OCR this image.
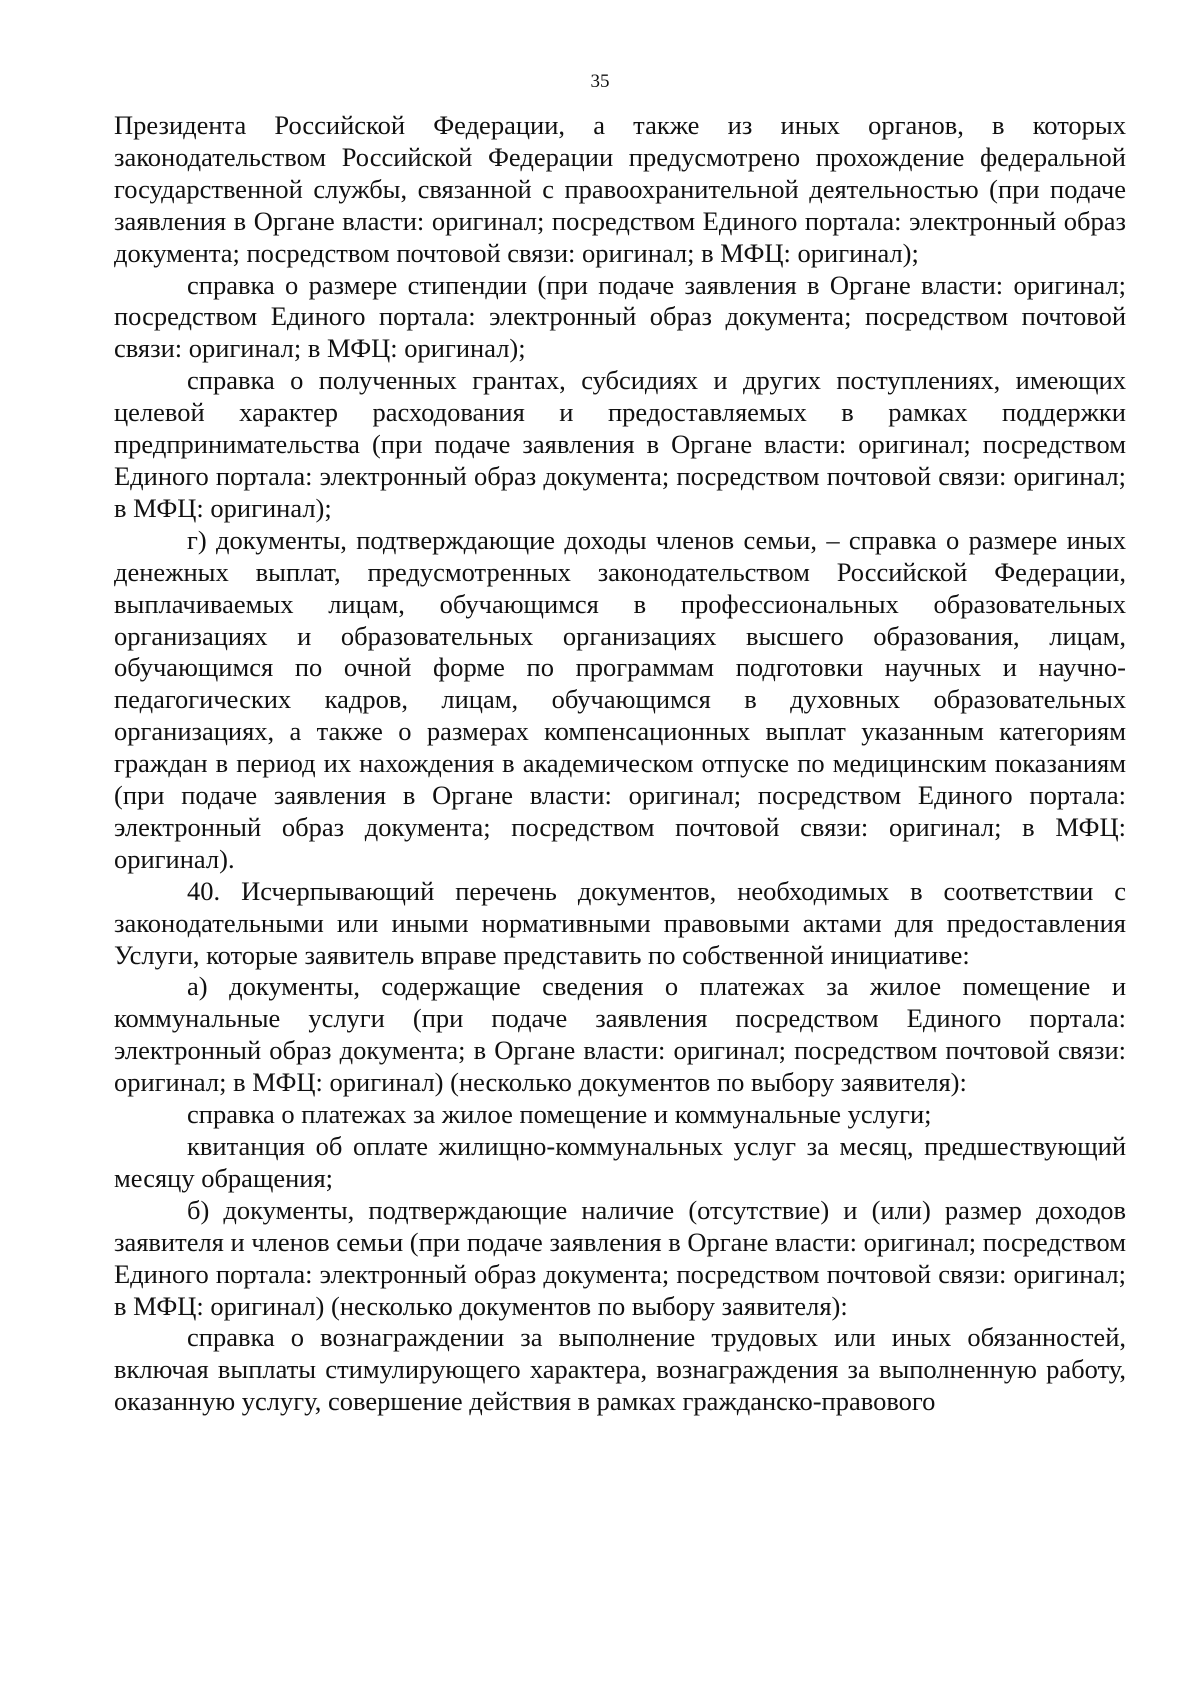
35

Президента Российской Федерации, а также из иных органов, в которых законодательством Российской Федерации предусмотрено прохождение федеральной государственной службы, связанной с правоохранительной деятельностью (при подаче заявления в Органе власти: оригинал; посредством Единого портала: электронный образ документа; посредством почтовой связи: оригинал; в МФЦ: оригинал);

справка о размере стипендии (при подаче заявления в Органе власти: оригинал; посредством Единого портала: электронный образ документа; посредством почтовой связи: оригинал; в МФЦ: оригинал);

справка о полученных грантах, субсидиях и других поступлениях, имеющих целевой характер расходования и предоставляемых в рамках поддержки предпринимательства (при подаче заявления в Органе власти: оригинал; посредством Единого портала: электронный образ документа; посредством почтовой связи: оригинал; в МФЦ: оригинал);

г) документы, подтверждающие доходы членов семьи, – справка о размере иных денежных выплат, предусмотренных законодательством Российской Федерации, выплачиваемых лицам, обучающимся в профессиональных образовательных организациях и образовательных организациях высшего образования, лицам, обучающимся по очной форме по программам подготовки научных и научно-педагогических кадров, лицам, обучающимся в духовных образовательных организациях, а также о размерах компенсационных выплат указанным категориям граждан в период их нахождения в академическом отпуске по медицинским показаниям (при подаче заявления в Органе власти: оригинал; посредством Единого портала: электронный образ документа; посредством почтовой связи: оригинал; в МФЦ: оригинал).

40. Исчерпывающий перечень документов, необходимых в соответствии с законодательными или иными нормативными правовыми актами для предоставления Услуги, которые заявитель вправе представить по собственной инициативе:

а) документы, содержащие сведения о платежах за жилое помещение и коммунальные услуги (при подаче заявления посредством Единого портала: электронный образ документа; в Органе власти: оригинал; посредством почтовой связи: оригинал; в МФЦ: оригинал) (несколько документов по выбору заявителя):

справка о платежах за жилое помещение и коммунальные услуги;

квитанция об оплате жилищно-коммунальных услуг за месяц, предшествующий месяцу обращения;

б) документы, подтверждающие наличие (отсутствие) и (или) размер доходов заявителя и членов семьи (при подаче заявления в Органе власти: оригинал; посредством Единого портала: электронный образ документа; посредством почтовой связи: оригинал; в МФЦ: оригинал) (несколько документов по выбору заявителя):

справка о вознаграждении за выполнение трудовых или иных обязанностей, включая выплаты стимулирующего характера, вознаграждения за выполненную работу, оказанную услугу, совершение действия в рамках гражданско-правового
